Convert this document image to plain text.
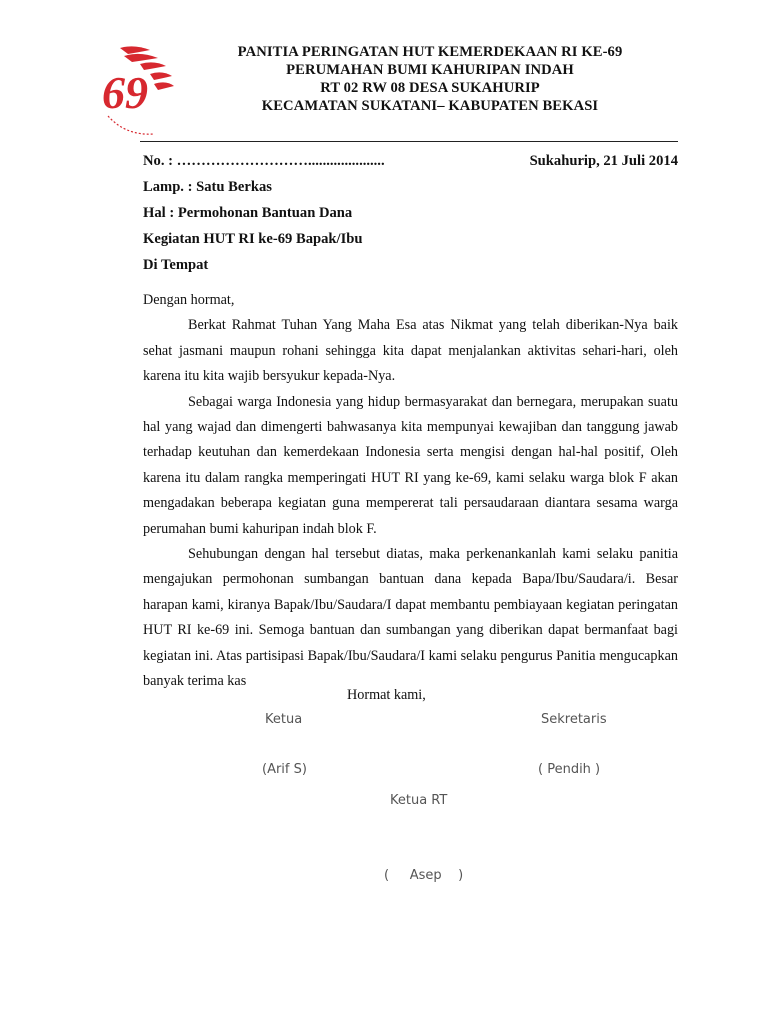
69
PANITIA PERINGATAN HUT KEMERDEKAAN RI KE-69
PERUMAHAN BUMI KAHURIPAN INDAH
RT 02 RW 08 DESA SUKAHURIP
KECAMATAN SUKATANI– KABUPATEN BEKASI
No. : ……………………….....................	Sukahurip, 21 Juli 2014
Lamp. : Satu Berkas
Hal : Permohonan Bantuan Dana
Kegiatan HUT RI ke-69 Bapak/Ibu
Di Tempat

Dengan hormat,

Berkat Rahmat Tuhan Yang Maha Esa atas Nikmat yang telah diberikan-Nya baik sehat jasmani maupun rohani sehingga kita dapat menjalankan aktivitas sehari-hari, oleh karena itu kita wajib bersyukur kepada-Nya.

Sebagai warga Indonesia yang hidup bermasyarakat dan bernegara, merupakan suatu hal yang wajad dan dimengerti bahwasanya kita mempunyai kewajiban dan tanggung jawab terhadap keutuhan dan kemerdekaan Indonesia serta mengisi dengan hal-hal positif, Oleh karena itu dalam rangka memperingati HUT RI yang ke-69, kami selaku warga blok F akan mengadakan beberapa kegiatan guna mempererat tali persaudaraan diantara sesama warga perumahan bumi kahuripan indah blok F.

Sehubungan dengan hal tersebut diatas, maka perkenankanlah kami selaku panitia mengajukan permohonan sumbangan bantuan dana kepada Bapa/Ibu/Saudara/i. Besar harapan kami, kiranya Bapak/Ibu/Saudara/I dapat membantu pembiayaan kegiatan peringatan HUT RI ke-69 ini. Semoga bantuan dan sumbangan yang diberikan dapat bermanfaat bagi kegiatan ini. Atas partisipasi Bapak/Ibu/Saudara/I kami selaku pengurus Panitia mengucapkan banyak terima kas

Hormat kami,
Ketua	Sekretaris
(Arif S)	( Pendih )
Ketua RT
(     Asep    )
